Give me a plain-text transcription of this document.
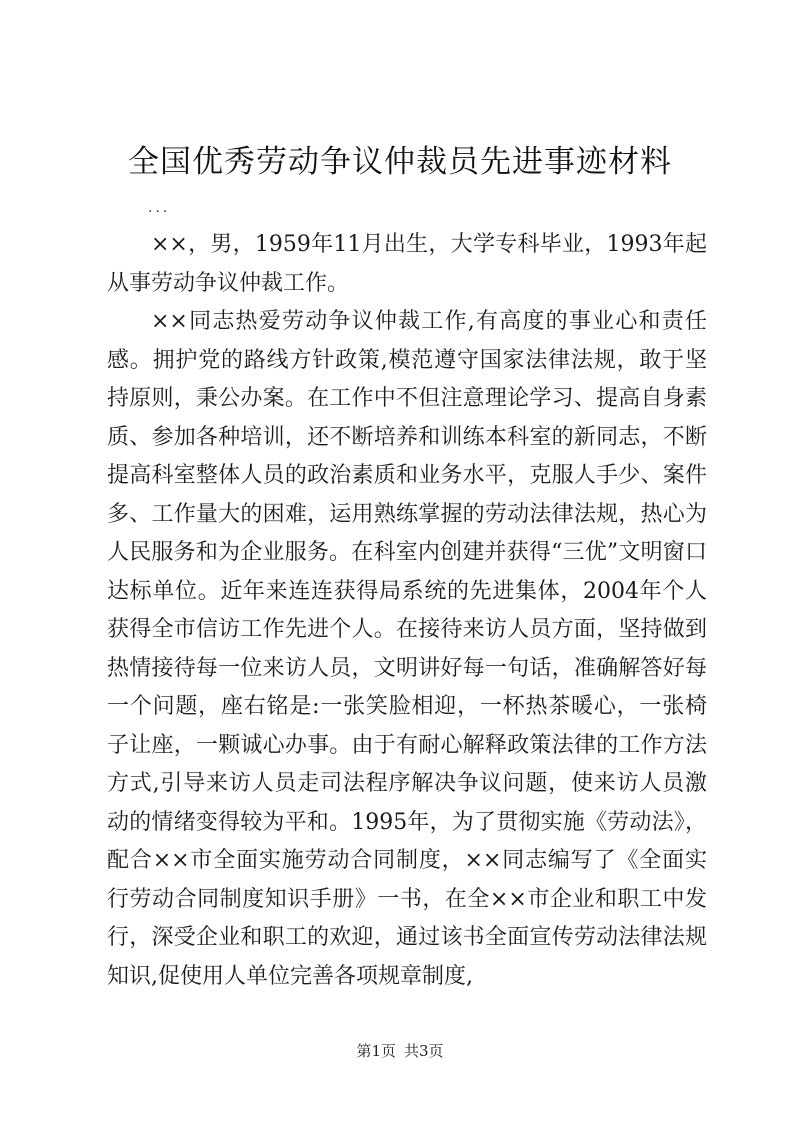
全国优秀劳动争议仲裁员先进事迹材料
...

××，男，1959年11月出生，大学专科毕业，1993年起从事劳动争议仲裁工作。

××同志热爱劳动争议仲裁工作,有高度的事业心和责任感。拥护党的路线方针政策,模范遵守国家法律法规，敢于坚持原则，秉公办案。在工作中不但注意理论学习、提高自身素质、参加各种培训，还不断培养和训练本科室的新同志，不断提高科室整体人员的政治素质和业务水平，克服人手少、案件多、工作量大的困难，运用熟练掌握的劳动法律法规，热心为人民服务和为企业服务。在科室内创建并获得“三优”文明窗口达标单位。近年来连连获得局系统的先进集体，2004年个人获得全市信访工作先进个人。在接待来访人员方面，坚持做到热情接待每一位来访人员，文明讲好每一句话，准确解答好每一个问题，座右铭是:一张笑脸相迎，一杯热茶暖心，一张椅子让座，一颗诚心办事。由于有耐心解释政策法律的工作方法方式,引导来访人员走司法程序解决争议问题，使来访人员激动的情绪变得较为平和。1995年，为了贯彻实施《劳动法》，配合××市全面实施劳动合同制度，××同志编写了《全面实行劳动合同制度知识手册》一书，在全××市企业和职工中发行，深受企业和职工的欢迎，通过该书全面宣传劳动法律法规知识,促使用人单位完善各项规章制度,

第1页 共3页
